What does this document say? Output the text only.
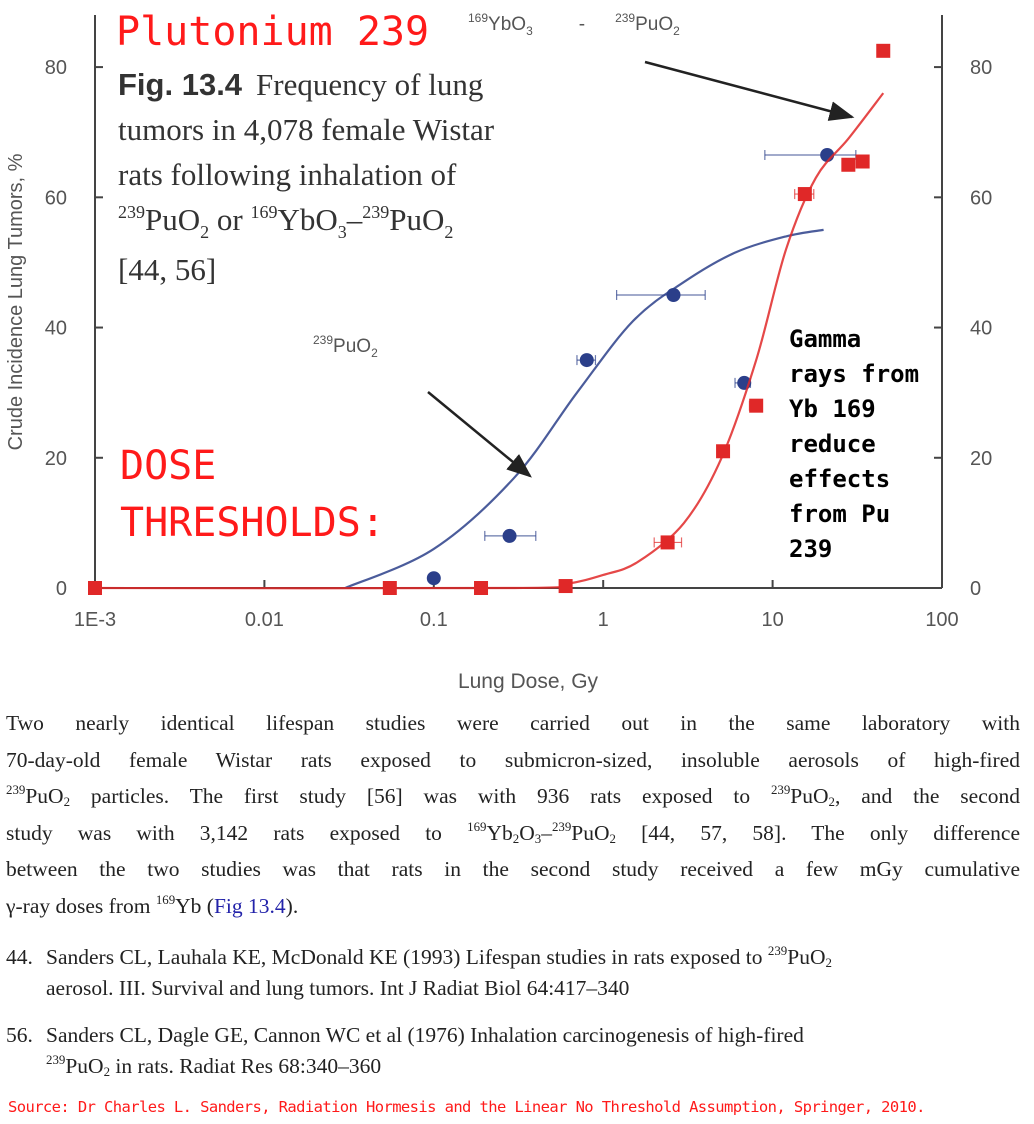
0	0
20	20
40	40
60	60
80	80
1E-3	0.01	0.1	1	10	100
Crude Incidence Lung Tumors, %
Lung Dose, Gy
Fig. 13.4 Frequency of lung
tumors in 4,078 female Wistar
rats following inhalation of
$^{239}$PuO$_2$ or $^{169}$YbO$_3$–$^{239}$PuO$_2$
[44, 56]
$^{169}$YbO$_3$ -	$^{239}$PuO$_2$
$^{239}$PuO$_2$
Plutonium 239
DOSE
THRESHOLDS:
Gamma
rays from
Yb 169
reduce
effects
from Pu
239
Two nearly identical lifespan studies were carried out in the same laboratory with
70-day-old female Wistar rats exposed to submicron-sized, insoluble aerosols of high-fired
$^{239}$PuO$_2$ particles. The first study [56] was with 936 rats exposed to $^{239}$PuO$_2$, and the second
study was with 3,142 rats exposed to $^{169}Yb_2O_3-^{239}PuO_2$ [44, 57, 58]. The only difference
between the two studies was that rats in the second study received a few mGy cumulative

γ-ray doses from $^{169}$Yb (Fig 13.4).
44. Sanders CL, Lauhala KE, McDonald KE (1993) Lifespan studies in rats exposed to $^{239}$PuO$_2$
aerosol. III. Survival and lung tumors. Int J Radiat Biol 64:417–340
56. Sanders CL, Dagle GE, Cannon WC et al (1976) Inhalation carcinogenesis of high-fired
$^{239}$PuO$_2$ in rats. Radiat Res 68:340–360
Source: Dr Charles L. Sanders, Radiation Hormesis and the Linear No Threshold Assumption, Springer, 2010.
